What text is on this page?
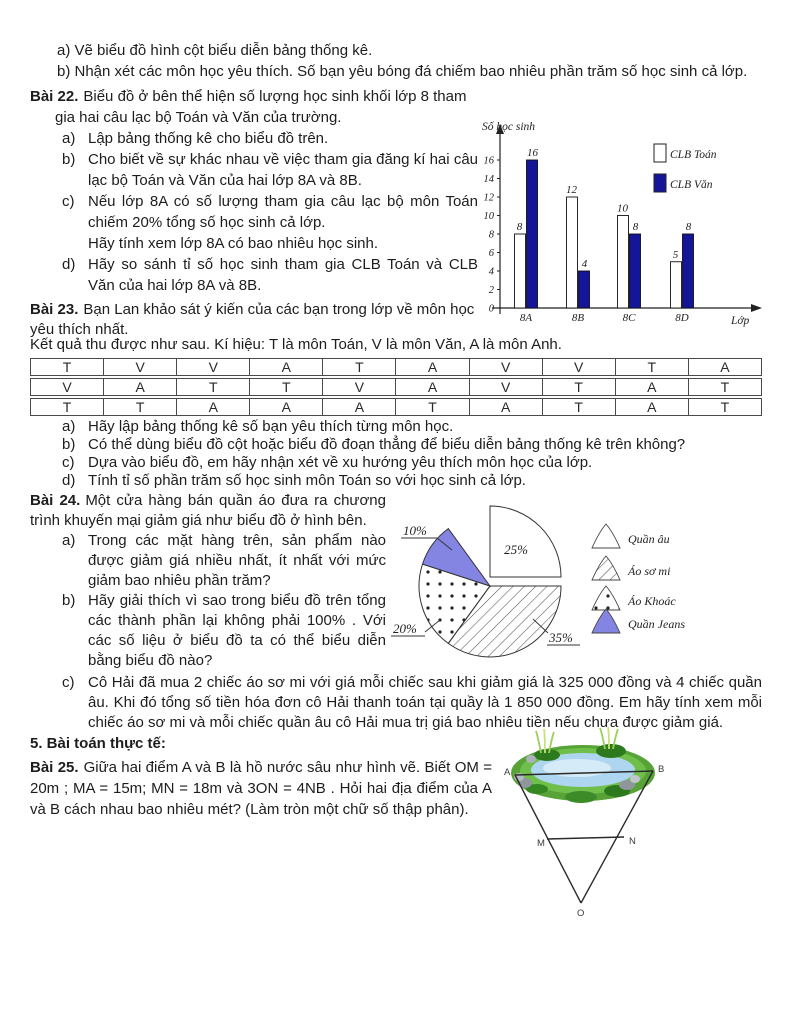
a) Vẽ biểu đồ hình cột biểu diễn bảng thống kê.
b) Nhận xét các môn học yêu thích. Số bạn yêu bóng đá chiếm bao nhiêu phần trăm số học sinh cả lớp.

Bài 22. Biểu đồ ở bên thể hiện số lượng học sinh khối lớp 8 tham gia hai câu lạc bộ Toán và Văn của trường.

a) Lập bảng thống kê cho biểu đồ trên.
b) Cho biết về sự khác nhau về việc tham gia đăng kí hai câu lạc bộ Toán và Văn của hai lớp 8A và 8B.
c) Nếu lớp 8A có số lượng tham gia câu lạc bộ môn Toán chiếm 20% tổng số học sinh cả lớp.
Hãy tính xem lớp 8A có bao nhiêu học sinh.
d) Hãy so sánh tỉ số học sinh tham gia CLB Toán và CLB Văn của hai lớp 8A và 8B.
Số học sinh
Lớp
0
2
4
6
8
10
12
14
16
8
16
8A
12
4
8B
10
8
8C
5
8
8D
CLB Toán
CLB Văn
Bài 23. Bạn Lan khảo sát ý kiến của các bạn trong lớp về môn học yêu thích nhất.
Kết quả thu được như sau. Kí hiệu: T là môn Toán, V là môn Văn, A là môn Anh.
T	V	V	A	T	A	V	V	T	A
V	A	T	T	V	A	V	T	A	T
T	T	A	A	A	T	A	T	A	T
a) Hãy lập bảng thống kê số bạn yêu thích từng môn học.
b) Có thể dùng biểu đồ cột hoặc biểu đồ đoạn thẳng để biểu diễn bảng thống kê trên không?
c) Dựa vào biểu đồ, em hãy nhận xét về xu hướng yêu thích môn học của lớp.
d) Tính tỉ số phần trăm số học sinh môn Toán so với học sinh cả lớp.

Bài 24. Một cửa hàng bán quần áo đưa ra chương trình khuyến mại giảm giá như biểu đồ ở hình bên.

a) Trong các mặt hàng trên, sản phẩm nào được giảm giá nhiều nhất, ít nhất với mức giảm bao nhiêu phần trăm?
b) Hãy giải thích vì sao trong biểu đồ trên tổng các thành phần lại không phải 100% . Với các số liệu ở biểu đồ ta có thể biểu diễn bằng biểu đồ nào?
25%
35%
20%
10%
Quần âu
Áo sơ mi
Áo Khoác
Quần Jeans
c) Cô Hải đã mua 2 chiếc áo sơ mi với giá mỗi chiếc sau khi giảm giá là 325 000 đồng và 4 chiếc quần âu. Khi đó tổng số tiền hóa đơn cô Hải thanh toán tại quầy là 1 850 000 đồng. Em hãy tính xem mỗi chiếc áo sơ mi và mỗi chiếc quần âu cô Hải mua trị giá bao nhiêu tiền nếu chưa được giảm giá.
5. Bài toán thực tế:
Bài 25. Giữa hai điểm A và B là hồ nước sâu như hình vẽ. Biết OM = 20m ; MA = 15m; MN = 18m và 3ON = 4NB . Hỏi hai địa điểm của A và B cách nhau bao nhiêu mét? (Làm tròn một chữ số thập phân).
A	B
M	N
O
